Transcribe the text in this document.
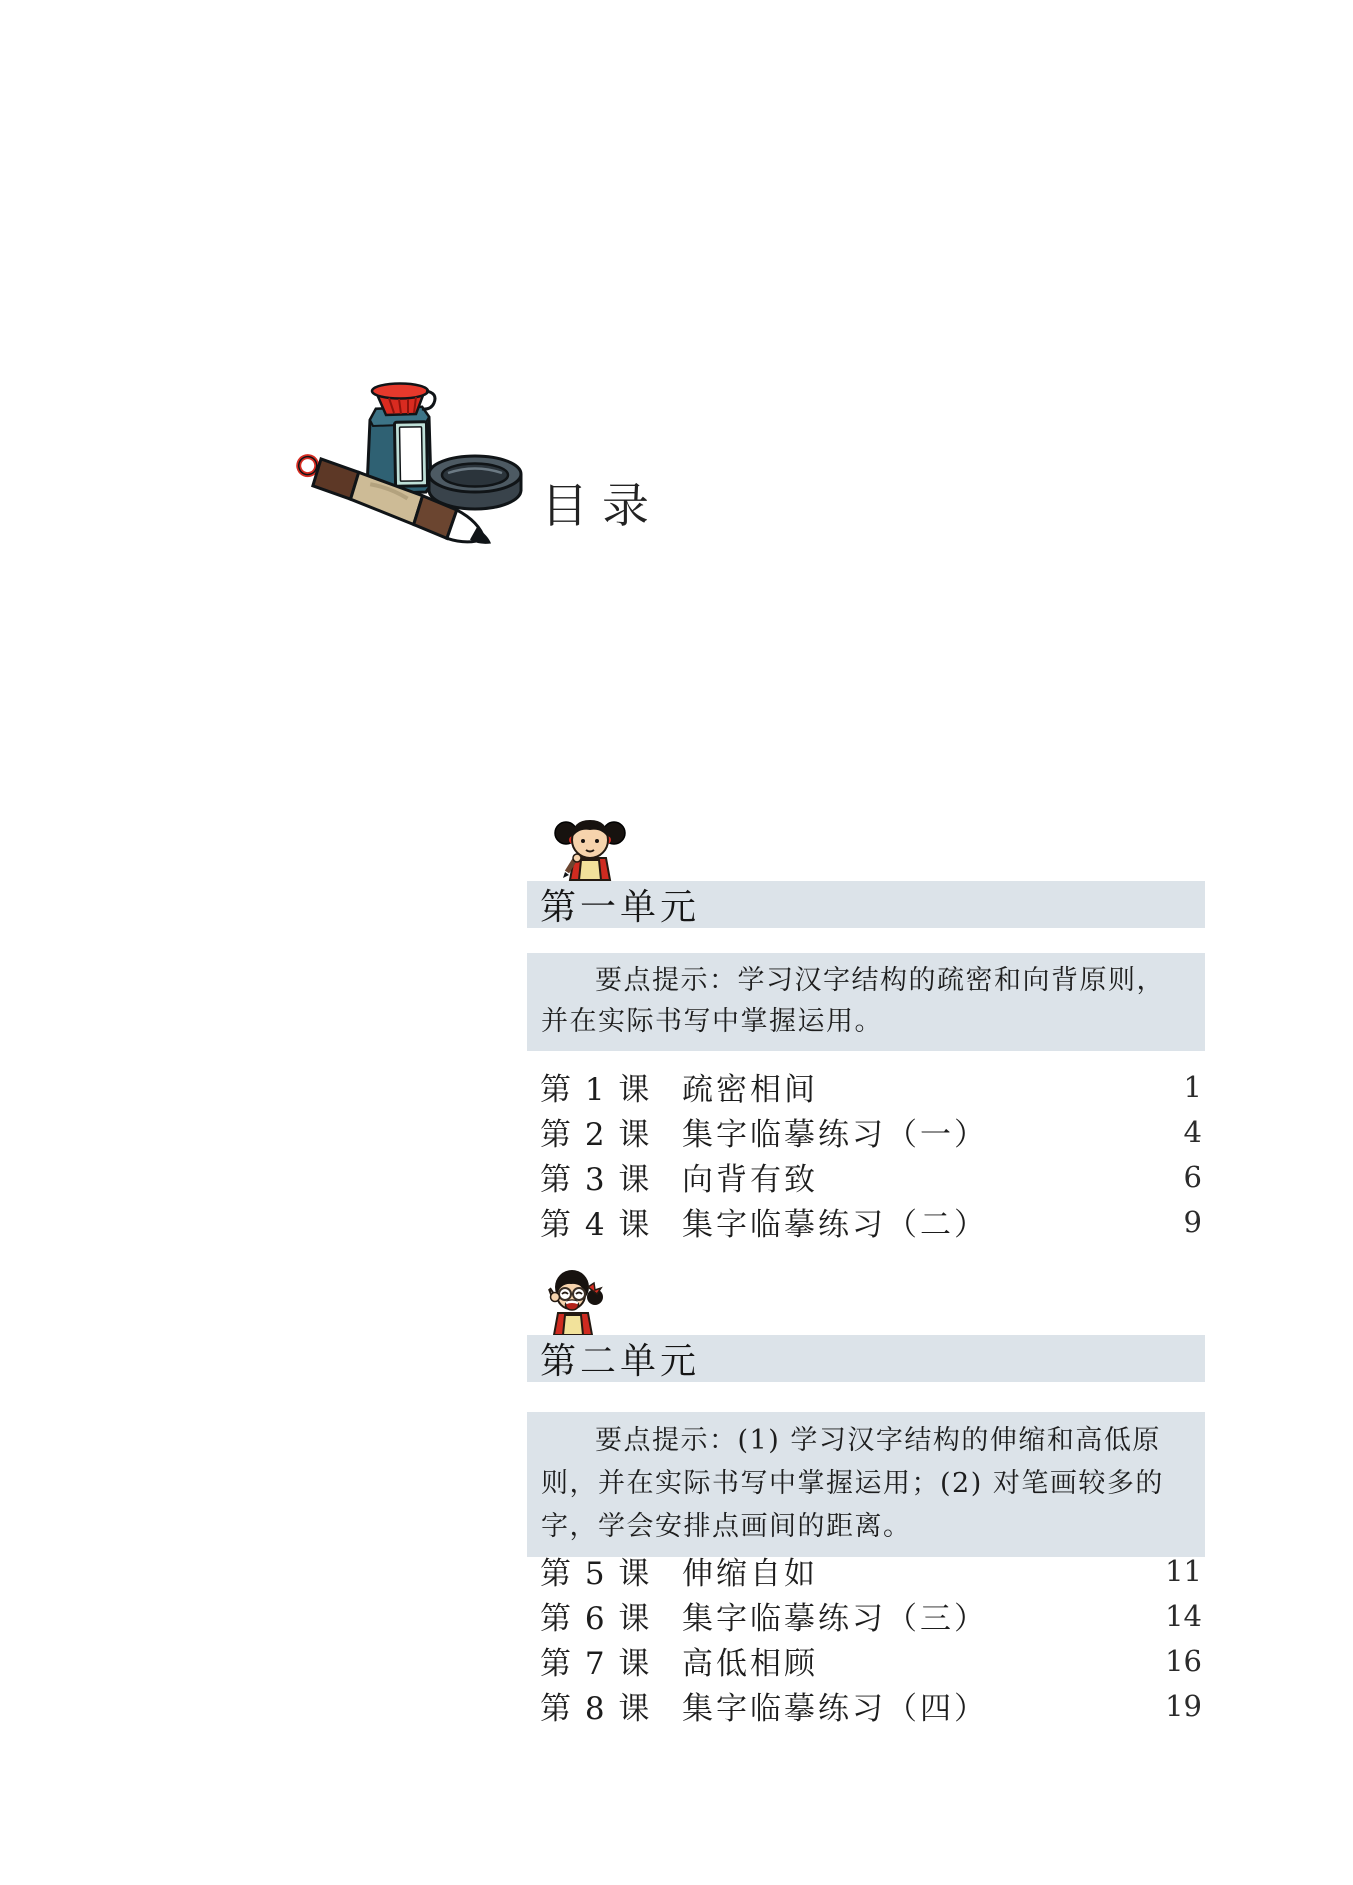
目录
第一单元

要点提示：学习汉字结构的疏密和向背原则，并在实际书写中掌握运用。

第 1 课 疏密相间	1
第 2 课 集字临摹练习（一）	4
第 3 课 向背有致	6
第 4 课 集字临摹练习（二）	9
第二单元

要点提示：(1) 学习汉字结构的伸缩和高低原则，并在实际书写中掌握运用；(2) 对笔画较多的字，学会安排点画间的距离。

第 5 课 伸缩自如	11
第 6 课 集字临摹练习（三）	14
第 7 课 高低相顾	16
第 8 课 集字临摹练习（四）	19
